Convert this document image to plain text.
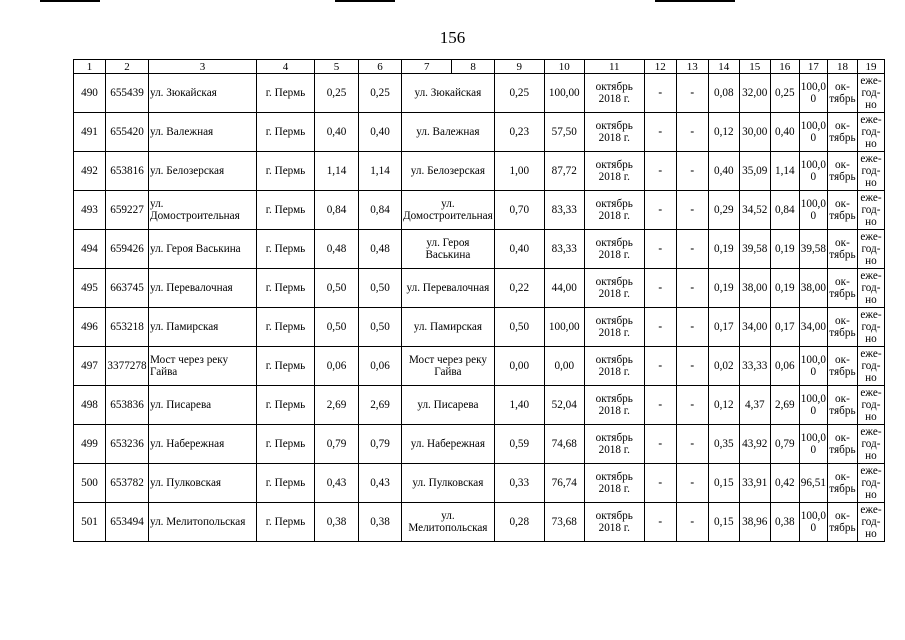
156
1	2	3	4	5	6	7	8	9	10	11	12	13	14	15	16	17	18	19
490	655439	ул. Зюкайская	г. Пермь	0,25	0,25	ул. Зюкайская		0,25	100,00	октябрь 2018 г.	-	-	0,08	32,00	0,25	100,0 0	ок-тябрь	еже-год-но
491	655420	ул. Валежная	г. Пермь	0,40	0,40	ул. Валежная		0,23	57,50	октябрь 2018 г.	-	-	0,12	30,00	0,40	100,0 0	ок-тябрь	еже-год-но
492	653816	ул. Белозерская	г. Пермь	1,14	1,14	ул. Белозерская		1,00	87,72	октябрь 2018 г.	-	-	0,40	35,09	1,14	100,0 0	ок-тябрь	еже-год-но
493	659227	ул. Домостроительная	г. Пермь	0,84	0,84	ул. Домостроительная		0,70	83,33	октябрь 2018 г.	-	-	0,29	34,52	0,84	100,0 0	ок-тябрь	еже-год-но
494	659426	ул. Героя Васькина	г. Пермь	0,48	0,48	ул. Героя Васькина		0,40	83,33	октябрь 2018 г.	-	-	0,19	39,58	0,19	39,58	ок-тябрь	еже-год-но
495	663745	ул. Перевалочная	г. Пермь	0,50	0,50	ул. Перевалочная		0,22	44,00	октябрь 2018 г.	-	-	0,19	38,00	0,19	38,00	ок-тябрь	еже-год-но
496	653218	ул. Памирская	г. Пермь	0,50	0,50	ул. Памирская		0,50	100,00	октябрь 2018 г.	-	-	0,17	34,00	0,17	34,00	ок-тябрь	еже-год-но
497	3377278	Мост через реку Гайва	г. Пермь	0,06	0,06	Мост через реку Гайва		0,00	0,00	октябрь 2018 г.	-	-	0,02	33,33	0,06	100,0 0	ок-тябрь	еже-год-но
498	653836	ул. Писарева	г. Пермь	2,69	2,69	ул. Писарева		1,40	52,04	октябрь 2018 г.	-	-	0,12	4,37	2,69	100,0 0	ок-тябрь	еже-год-но
499	653236	ул. Набережная	г. Пермь	0,79	0,79	ул. Набережная		0,59	74,68	октябрь 2018 г.	-	-	0,35	43,92	0,79	100,0 0	ок-тябрь	еже-год-но
500	653782	ул. Пулковская	г. Пермь	0,43	0,43	ул. Пулковская		0,33	76,74	октябрь 2018 г.	-	-	0,15	33,91	0,42	96,51	ок-тябрь	еже-год-но
501	653494	ул. Мелитопольская	г. Пермь	0,38	0,38	ул. Мелитопольская		0,28	73,68	октябрь 2018 г.	-	-	0,15	38,96	0,38	100,0 0	ок-тябрь	еже-год-но
